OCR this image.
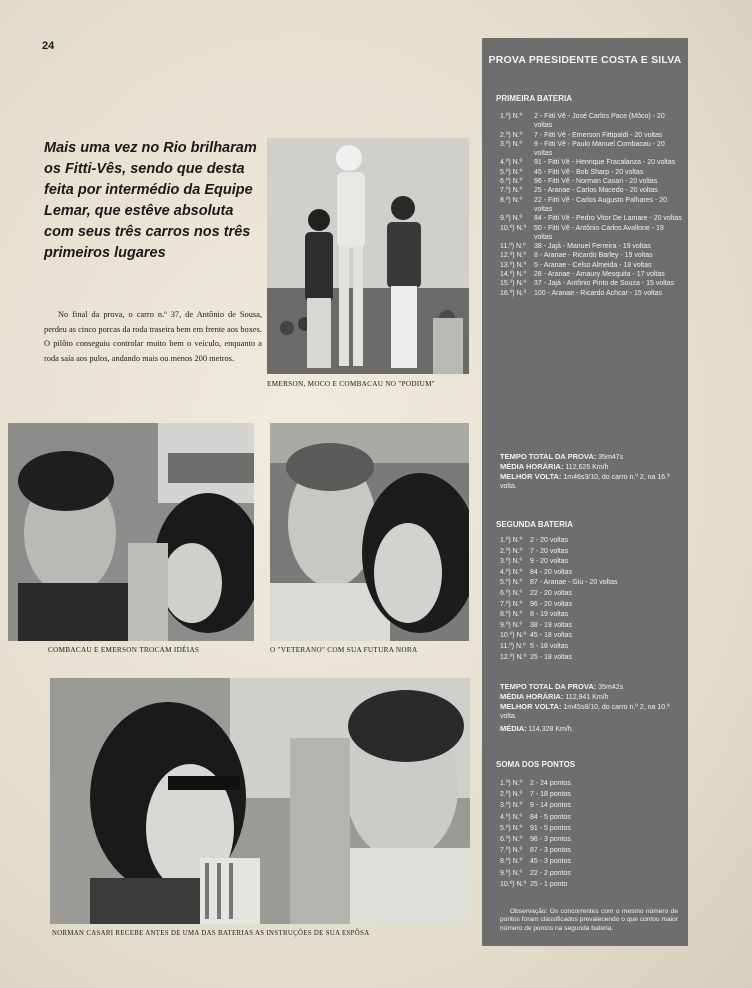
24
Mais uma vez no Rio brilharam os Fitti-Vês, sendo que desta feita por intermédio da Equipe Lemar, que estêve absoluta com seus três carros nos três primeiros lugares
No final da prova, o carro n.º 37, de Antônio de Sousa, perdeu as cinco porcas da roda traseira bem em frente aos boxes. O pilôto conseguiu controlar muito bem o veículo, enquanto a roda saía aos pulos, andando mais ou menos 200 metros.
EMERSON, MOCO E COMBACAU NO "PODIUM"
COMBACAU E EMERSON TROCAM IDÉIAS	O "VETERANO" COM SUA FUTURA NORA
NORMAN CASARI RECEBE ANTES DE UMA DAS BATERIAS AS INSTRUÇÕES DE SUA ESPÔSA
PROVA PRESIDENTE COSTA E SILVA
PRIMEIRA BATERIA
1.º) N.º	2 - Fitti Vê - José Carlos Pace (Môco) - 20 voltas
2.º) N.º	7 - Fitti Vê - Emerson Fittipaldi - 20 voltas
3.º) N.º	9 - Fitti Vê - Paulo Manuel Combacau - 20 voltas
4.º) N.º	91 - Fitti Vê - Henrique Fracalanza - 20 voltas
5.º) N.º	45 - Fitti Vê - Bob Sharp - 20 voltas
6.º) N.º	96 - Fitti Vê - Norman Casari - 20 voltas
7.º) N.º	25 - Aranae - Carlos Macedo - 20 voltas
8.º) N.º	22 - Fitti Vê - Carlos Augusto Palhares - 20 voltas
9.º) N.º	84 - Fitti Vê - Pedro Vitor De Lamare - 20 voltas
10.º) N.º	50 - Fitti Vê - Antônio Carlos Avallone - 19 voltas
11.º) N.º	38 - Jajá - Manuel Ferreira - 19 voltas
12.º) N.º	8 - Aranae - Ricardo Barley - 19 voltas
13.º) N.º	5 - Aranae - Celso Almeida - 18 voltas
14.º) N.º	28 - Aranae - Amaury Mesquita - 17 voltas
15.º) N.º	37 - Jajá - Antônio Pinto de Souza - 15 voltas
16.º) N.º	100 - Aranae - Ricardo Achcar - 15 voltas
TEMPO TOTAL DA PROVA: 35m47s
MÉDIA HORÁRIA: 112,625 Km/h
MELHOR VOLTA: 1m46s3/10, do carro n.º 2, na 16.ª volta.
SEGUNDA BATERIA
1.º) N.º	2 - 20 voltas
2.º) N.º	7 - 20 voltas
3.º) N.º	9 - 20 voltas
4.º) N.º	84 - 20 voltas
5.º) N.º	87 - Aranae - Giu - 20 voltas
6.º) N.º	22 - 20 voltas
7.º) N.º	96 - 20 voltas
8.º) N.º	8 - 19 voltas
9.º) N.º	38 - 19 voltas
10.º) N.º 45 - 18 voltas
11.º) N.º 5 - 18 voltas
12.º) N.º 25 - 18 voltas
TEMPO TOTAL DA PROVA: 35m42s
MÉDIA HORÁRIA: 112,941 Km/h
MELHOR VOLTA: 1m45s8/10, do carro n.º 2, na 10.ª volta.
MÉDIA: 114,328 Km/h.
SOMA DOS PONTOS
1.º) N.º	2 - 24 pontos
2.º) N.º	7 - 18 pontos
3.º) N.º	9 - 14 pontos
4.º) N.º	84 - 5 pontos
5.º) N.º	91 - 5 pontos
6.º) N.º	96 - 3 pontos
7.º) N.º	87 - 3 pontos
8.º) N.º	45 - 3 pontos
9.º) N.º	22 - 2 pontos
10.º) N.º 25 - 1 ponto
Observação: Os concorrentes com o mesmo número de pontos foram classificados prevalecendo o que contou maior número de pontos na segunda bateria.
